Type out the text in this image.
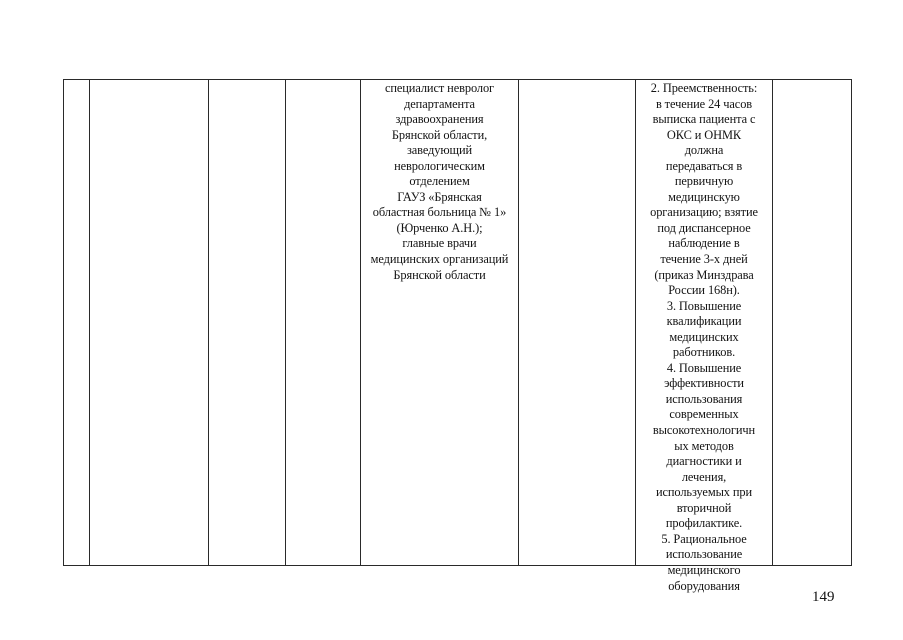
специалист невролог
департамента
здравоохранения
Брянской области,
заведующий
неврологическим
отделением
ГАУЗ «Брянская
областная больница № 1»
(Юрченко А.Н.);
главные врачи
медицинских организаций
Брянской области
2. Преемственность:
в течение 24 часов
выписка пациента с
ОКС и ОНМК
должна
передаваться в
первичную
медицинскую
организацию; взятие
под диспансерное
наблюдение в
течение 3-х дней
(приказ Минздрава
России 168н).
3. Повышение
квалификации
медицинских
работников.
4. Повышение
эффективности
использования
современных
высокотехнологичн
ых методов
диагностики и
лечения,
используемых при
вторичной
профилактике.
5. Рациональное
использование
медицинского
оборудования
149
